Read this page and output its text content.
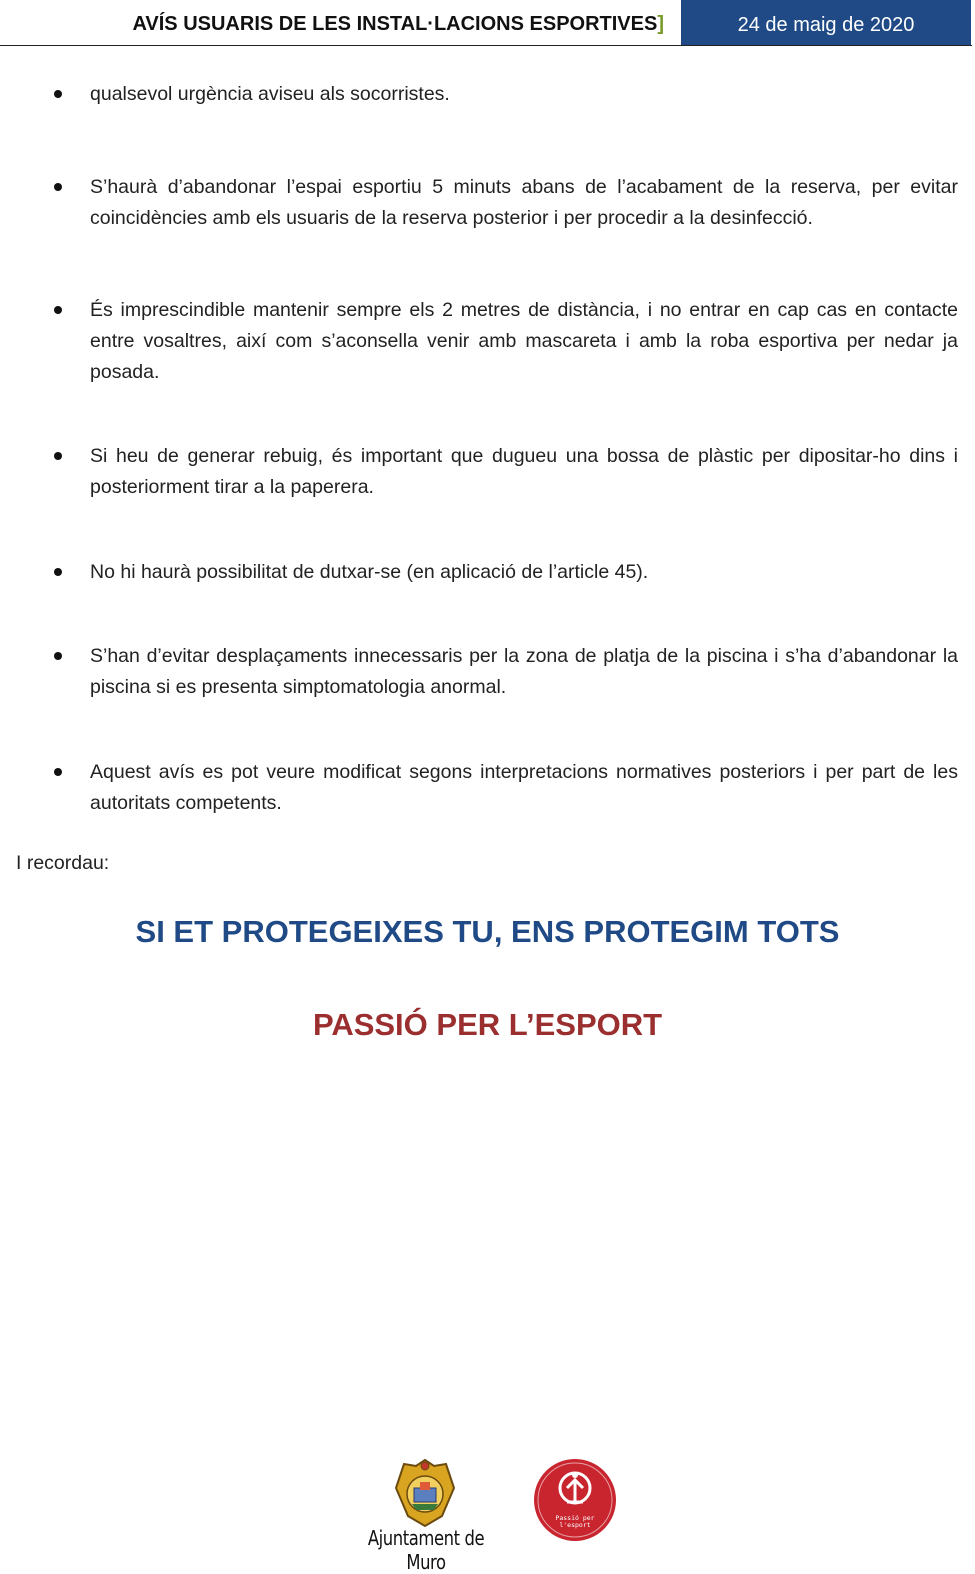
AVÍS USUARIS DE LES INSTAL·LACIONS ESPORTIVES]	24 de maig de 2020
qualsevol urgència aviseu als socorristes.
S’haurà d’abandonar l’espai esportiu 5 minuts abans de l’acabament de la reserva, per evitar coincidències amb els usuaris de la reserva posterior i per procedir a la desinfecció.
És imprescindible mantenir sempre els 2 metres de distància, i no entrar en cap cas en contacte entre vosaltres, així com s’aconsella venir amb mascareta i amb la roba esportiva per nedar ja posada.
Si heu de generar rebuig, és important que dugueu una bossa de plàstic per dipositar-ho dins i posteriorment tirar a la paperera.
No hi haurà possibilitat de dutxar-se (en aplicació de l’article 45).
S’han d’evitar desplaçaments innecessaris per la zona de platja de la piscina i s’ha d’abandonar la piscina si es presenta simptomatologia anormal.
Aquest avís es pot veure modificat segons interpretacions normatives posteriors i per part de les autoritats competents.
I recordau:
SI ET PROTEGEIXES TU, ENS PROTEGIM TOTS
PASSIÓ PER L’ESPORT
Ajuntament de Muro
Passió per
l'esport
